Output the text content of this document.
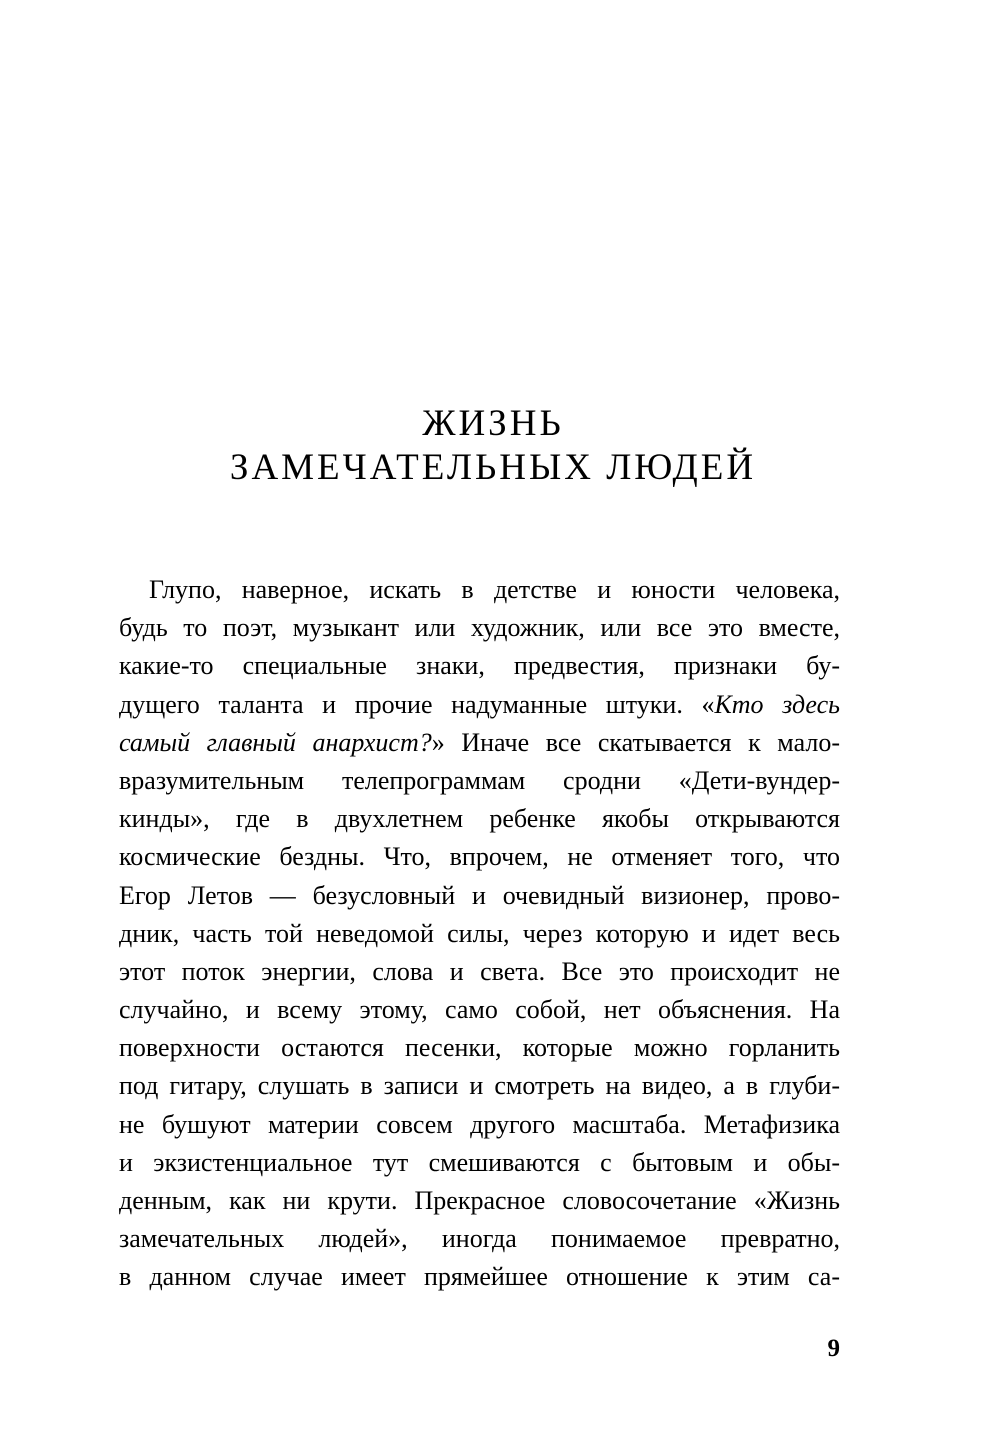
ЖИЗНЬ
ЗАМЕЧАТЕЛЬНЫХ ЛЮДЕЙ
Глупо, наверное, искать в детстве и юности человека,
будь то поэт, музыкант или художник, или все это вместе,
какие-то специальные знаки, предвестия, признаки бу-
дущего таланта и прочие надуманные штуки. «Кто здесь
самый главный анархист?» Иначе все скатывается к мало-
вразумительным телепрограммам сродни «Дети-вундер-
кинды», где в двухлетнем ребенке якобы открываются
космические бездны. Что, впрочем, не отменяет того, что
Егор Летов — безусловный и очевидный визионер, прово-
дник, часть той неведомой силы, через которую и идет весь
этот поток энергии, слова и света. Все это происходит не
случайно, и всему этому, само собой, нет объяснения. На
поверхности остаются песенки, которые можно горланить
под гитару, слушать в записи и смотреть на видео, а в глуби-
не бушуют материи совсем другого масштаба. Метафизика
и экзистенциальное тут смешиваются с бытовым и обы-
денным, как ни крути. Прекрасное словосочетание «Жизнь
замечательных людей», иногда понимаемое превратно,
в данном случае имеет прямейшее отношение к этим са-

9
